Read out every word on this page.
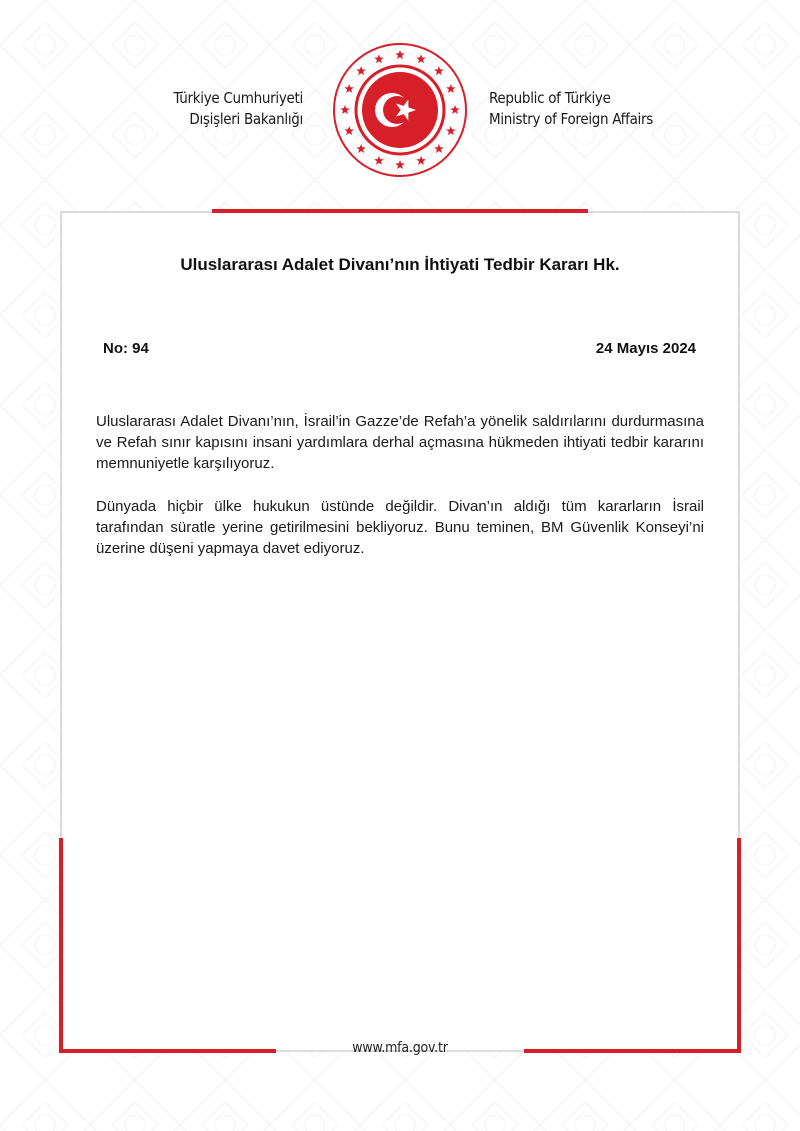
Türkiye Cumhuriyeti
Dışişleri Bakanlığı
Republic of Türkiye
Ministry of Foreign Affairs
Uluslararası Adalet Divanı’nın İhtiyati Tedbir Kararı Hk.
No: 94	24 Mayıs 2024
Uluslararası Adalet Divanı’nın, İsrail’in Gazze’de Refah’a yönelik saldırılarını durdurmasına ve Refah sınır kapısını insani yardımlara derhal açmasına hükmeden ihtiyati tedbir kararını memnuniyetle karşılıyoruz.
Dünyada hiçbir ülke hukukun üstünde değildir. Divan’ın aldığı tüm kararların İsrail tarafından süratle yerine getirilmesini bekliyoruz. Bunu teminen, BM Güvenlik Konseyi’ni üzerine düşeni yapmaya davet ediyoruz.
www.mfa.gov.tr
